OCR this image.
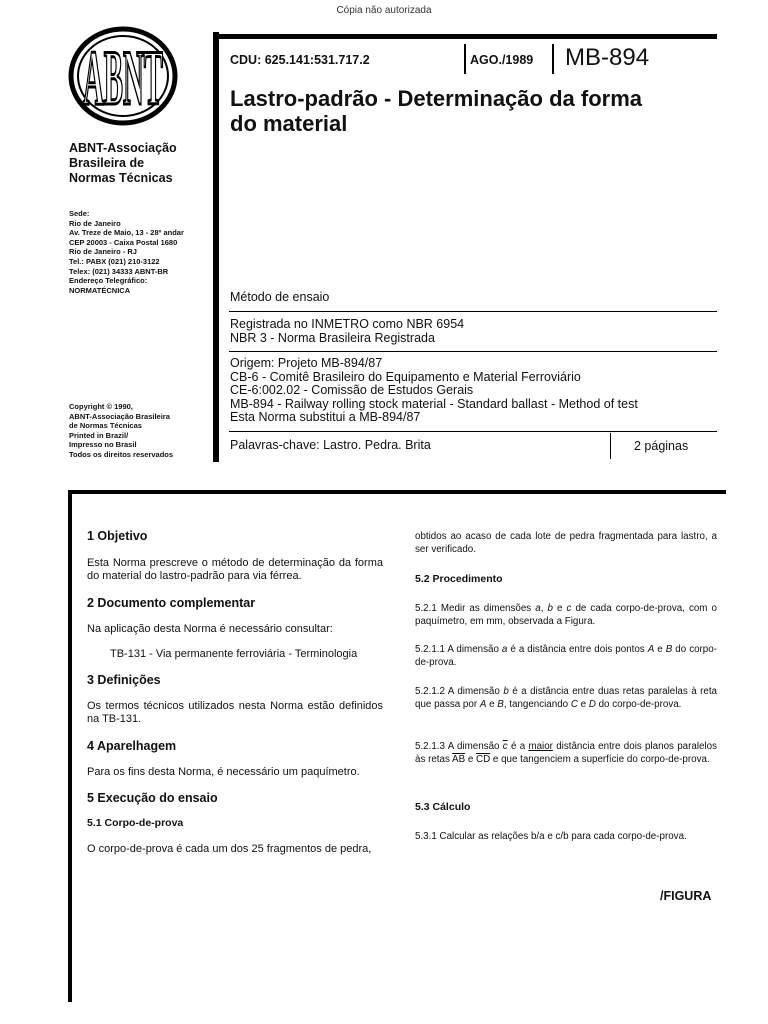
Cópia não autorizada
ABNT
ABNT-Associação
Brasileira de
Normas Técnicas
Sede:
Rio de Janeiro
Av. Treze de Maio, 13 - 28º andar
CEP 20003 - Caixa Postal 1680
Rio de Janeiro - RJ
Tel.: PABX (021) 210-3122
Telex: (021) 34333 ABNT-BR
Endereço Telegráfico:
NORMATÉCNICA
Copyright © 1990,
ABNT-Associação Brasileira
de Normas Técnicas
Printed in Brazil/
Impresso no Brasil
Todos os direitos reservados
CDU: 625.141:531.717.2	AGO./1989 MB-894
Lastro-padrão - Determinação da forma
do material
Método de ensaio
Registrada no INMETRO como NBR 6954
NBR 3 - Norma Brasileira Registrada
Origem: Projeto MB-894/87
CB-6 - Comitê Brasileiro do Equipamento e Material Ferroviário
CE-6:002.02 - Comissão de Estudos Gerais
MB-894 - Railway rolling stock material - Standard ballast - Method of test
Esta Norma substitui a MB-894/87
Palavras-chave: Lastro. Pedra. Brita	2 páginas
1 Objetivo
Esta Norma prescreve o método de determinação da forma do material do lastro-padrão para via férrea.
2 Documento complementar
Na aplicação desta Norma é necessário consultar:
TB-131 - Via permanente ferroviária - Terminologia
3 Definições
Os termos técnicos utilizados nesta Norma estão definidos na TB-131.
4 Aparelhagem
Para os fins desta Norma, é necessário um paquímetro.
5 Execução do ensaio
5.1 Corpo-de-prova
O corpo-de-prova é cada um dos 25 fragmentos de pedra,
obtidos ao acaso de cada lote de pedra fragmentada para lastro, a ser verificado.
5.2 Procedimento
5.2.1 Medir as dimensões a, b e c de cada corpo-de-prova, com o paquímetro, em mm, observada a Figura.
5.2.1.1 A dimensão a é a distância entre dois pontos A e B do corpo-de-prova.
5.2.1.2 A dimensão b é a distância entre duas retas paralelas à reta que passa por A e B, tangenciando C e D do corpo-de-prova.
5.2.1.3 A dimensão $\overline{c}$ é a maior distância entre dois planos paralelos às retas $\overline{AB}$ e $\overline{CD}$ e que tangenciem a superfície do corpo-de-prova.
5.3 Cálculo
5.3.1 Calcular as relações b/a e c/b para cada corpo-de-prova.
/FIGURA
